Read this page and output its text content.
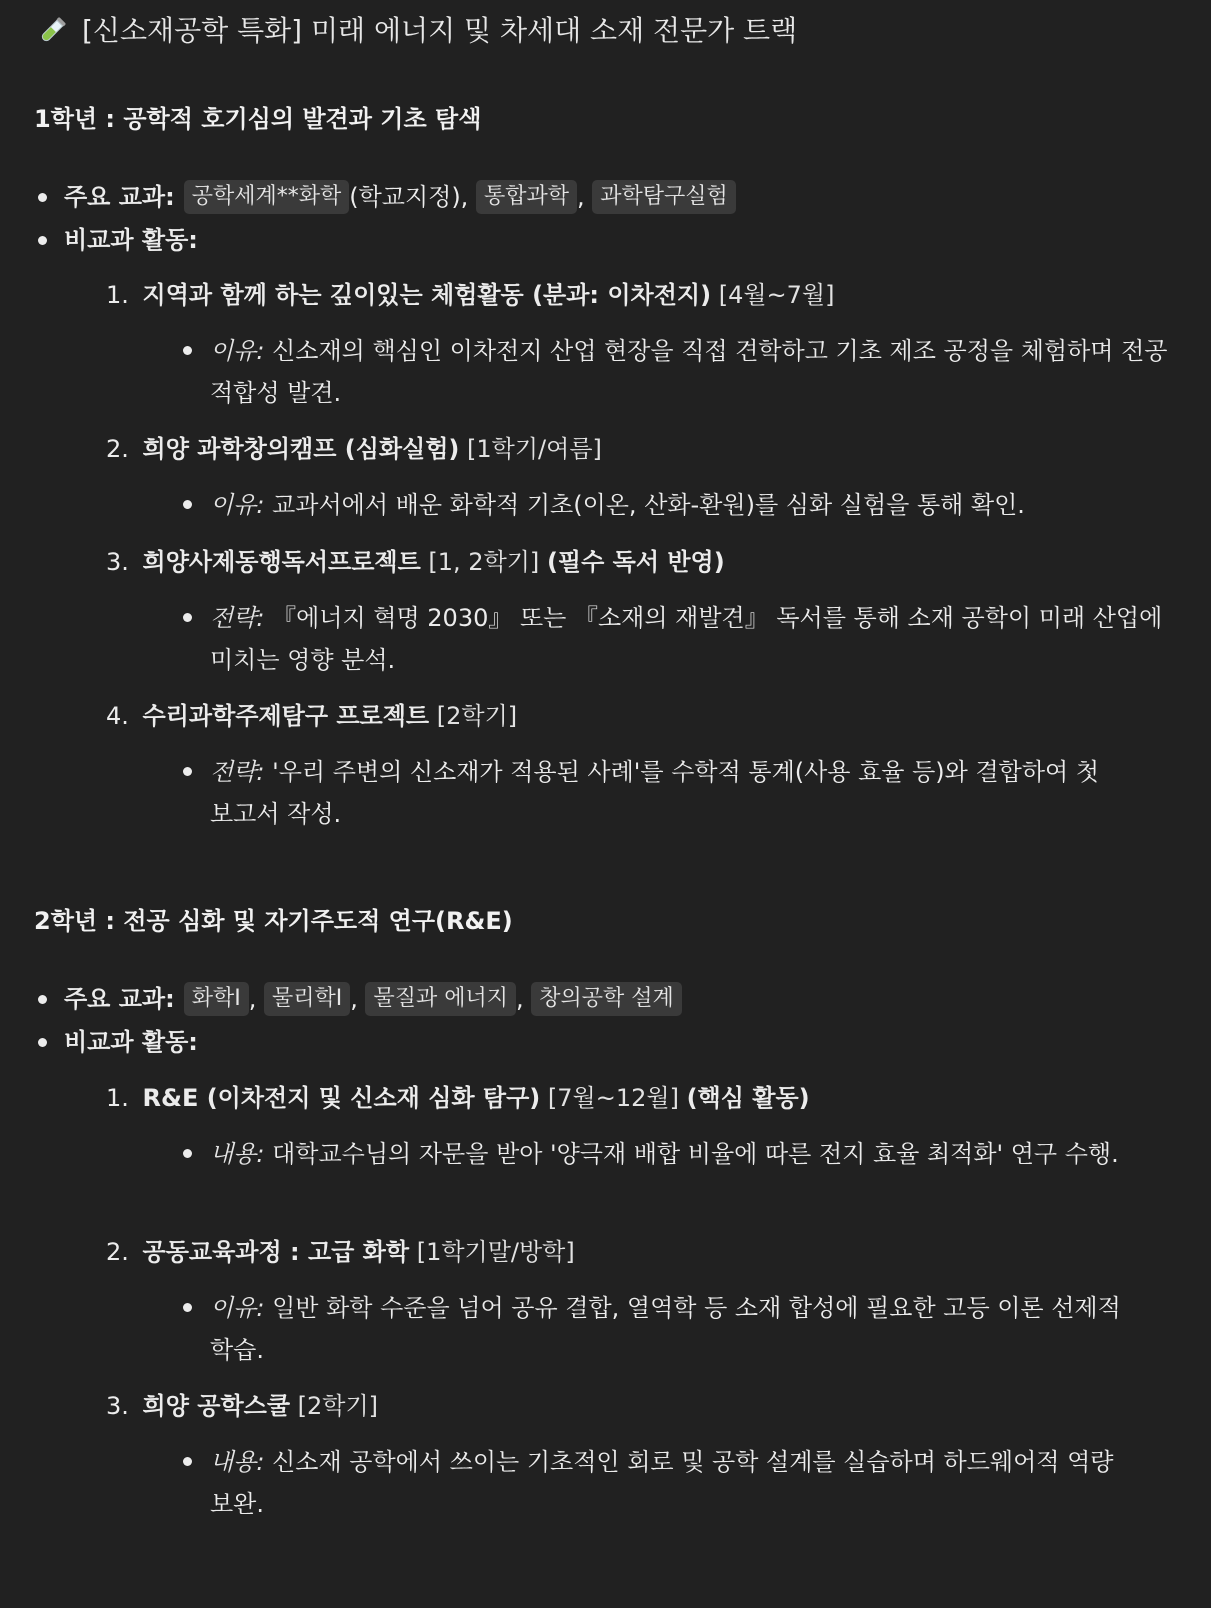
[신소재공학 특화] 미래 에너지 및 차세대 소재 전문가 트랙
1학년 : 공학적 호기심의 발견과 기초 탐색
주요 교과: 공학세계**화학 (학교지정), 통합과학 , 과학탐구실험
비교과 활동:
1. 지역과 함께 하는 깊이있는 체험활동 (분과: 이차전지) [4월~7월]
이유: 신소재의 핵심인 이차전지 산업 현장을 직접 견학하고 기초 제조 공정을 체험하며 전공 적합성 발견.
2. 희양 과학창의캠프 (심화실험) [1학기/여름]
이유: 교과서에서 배운 화학적 기초(이온, 산화-환원)를 심화 실험을 통해 확인.
3. 희양사제동행독서프로젝트 [1, 2학기] (필수 독서 반영)
전략: 『에너지 혁명 2030』 또는 『소재의 재발견』 독서를 통해 소재 공학이 미래 산업에 미치는 영향 분석.
4. 수리과학주제탐구 프로젝트 [2학기]
전략: '우리 주변의 신소재가 적용된 사례'를 수학적 통계(사용 효율 등)와 결합하여 첫 보고서 작성.
2학년 : 전공 심화 및 자기주도적 연구(R&E)
주요 교과: 화학Ⅰ , 물리학Ⅰ , 물질과 에너지 , 창의공학 설계
비교과 활동:
1. R&E (이차전지 및 신소재 심화 탐구) [7월~12월] (핵심 활동)
내용: 대학교수님의 자문을 받아 '양극재 배합 비율에 따른 전지 효율 최적화' 연구 수행.
2. 공동교육과정 : 고급 화학 [1학기말/방학]
이유: 일반 화학 수준을 넘어 공유 결합, 열역학 등 소재 합성에 필요한 고등 이론 선제적 학습.
3. 희양 공학스쿨 [2학기]
내용: 신소재 공학에서 쓰이는 기초적인 회로 및 공학 설계를 실습하며 하드웨어적 역량 보완.
